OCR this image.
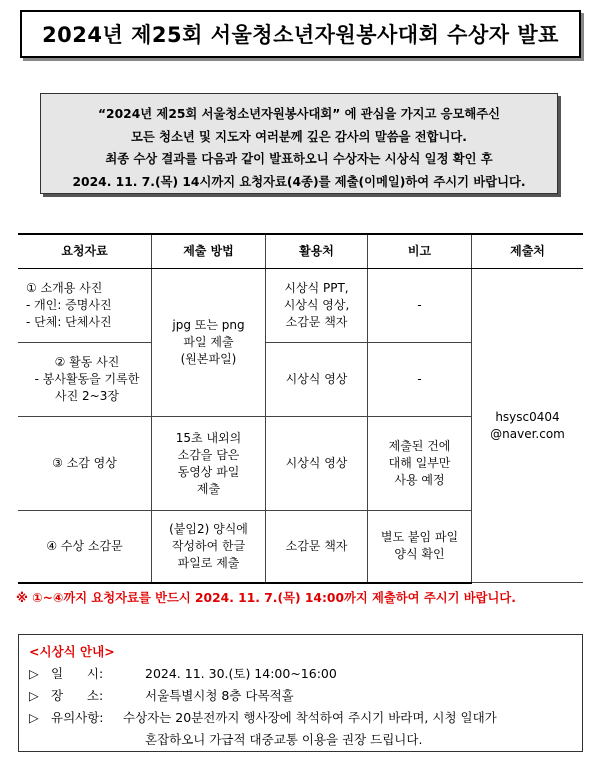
2024년 제25회 서울청소년자원봉사대회 수상자 발표
“2024년 제25회 서울청소년자원봉사대회” 에 관심을 가지고 응모해주신
모든 청소년 및 지도자 여러분께 깊은 감사의 말씀을 전합니다.
최종 수상 결과를 다음과 같이 발표하오니 수상자는 시상식 일정 확인 후
2024. 11. 7.(목) 14시까지 요청자료(4종)를 제출(이메일)하여 주시기 바랍니다.
요청자료	제출 방법	활용처	비고	제출처
① 소개용 사진
- 개인: 증명사진
- 단체: 단체사진	jpg 또는 png
파일 제출
(원본파일)	시상식 PPT,
시상식 영상,
소감문 책자	-	hsysc0404
@naver.com
② 활동 사진
- 봉사활동을 기록한
사진 2~3장		시상식 영상	-	
③ 소감 영상	15초 내외의
소감을 담은
동영상 파일
제출	시상식 영상	제출된 건에
대해 일부만
사용 예정	
④ 수상 소감문	(붙임2) 양식에
작성하여 한글
파일로 제출	소감문 책자	별도 붙임 파일
양식 확인	
※ ①~④까지 요청자료를 반드시 2024. 11. 7.(목) 14:00까지 제출하여 주시기 바랍니다.
<시상식 안내>
▷ 일      시:	2024. 11. 30.(토) 14:00~16:00
▷ 장      소:	서울특별시청 8층 다목적홀
▷ 유의사항:	수상자는 20분전까지 행사장에 착석하여 주시기 바라며, 시청 일대가
혼잡하오니 가급적 대중교통 이용을 권장 드립니다.
